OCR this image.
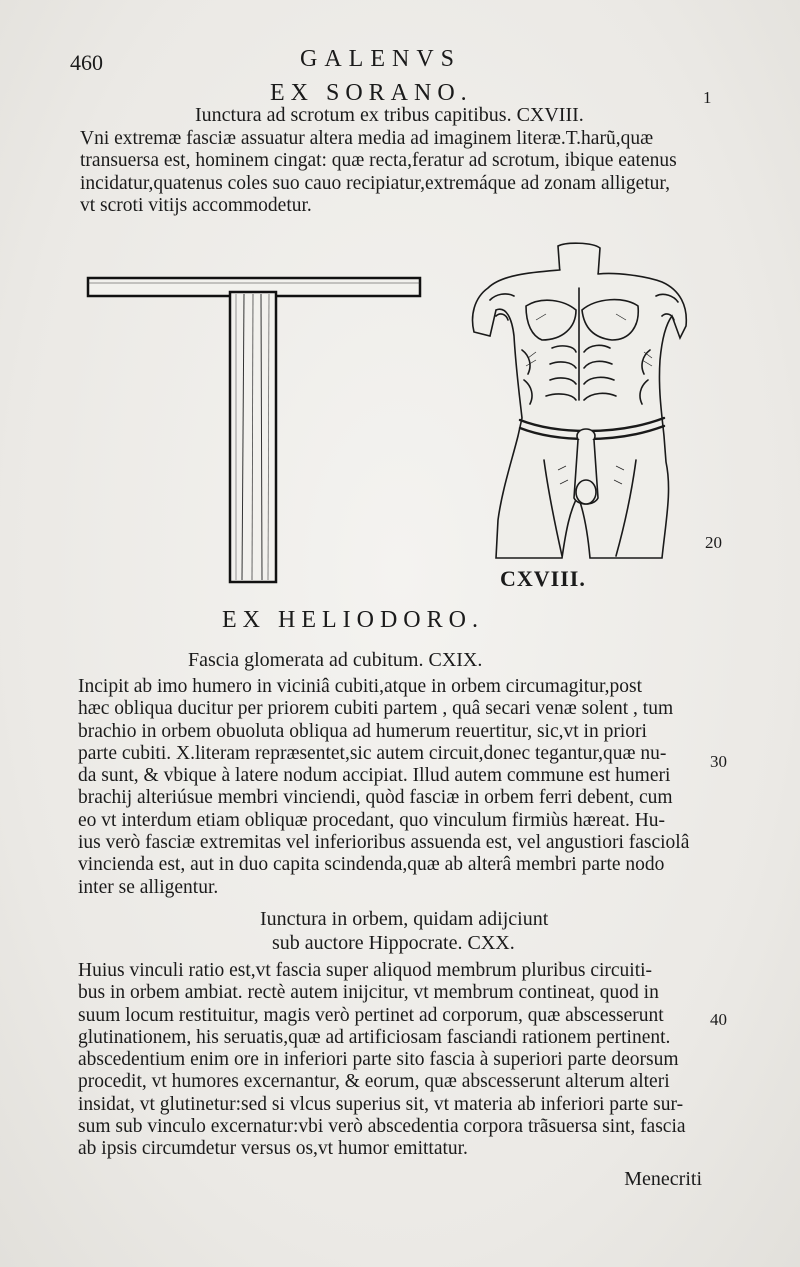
460	GALENVS
1
20
30
40
EX SORANO.
Iunctura ad scrotum ex tribus capitibus. CXVIII.

Vni extremæ fasciæ assuatur altera media ad imaginem literæ.T.harũ,quæ

transuersa est, hominem cingat: quæ recta,feratur ad scrotum, ibique eatenus

incidatur,quatenus coles suo cauo recipiatur,extremáque ad zonam alligetur,

vt scroti vitijs accommodetur.

CXVIII.
EX HELIODORO.
Fascia glomerata ad cubitum. CXIX.

Incipit ab imo humero in viciniâ cubiti,atque in orbem circumagitur,post

hæc obliqua ducitur per priorem cubiti partem , quâ secari venæ solent , tum

brachio in orbem obuoluta obliqua ad humerum reuertitur, sic,vt in priori

parte cubiti. X.literam repræsentet,sic autem circuit,donec tegantur,quæ nu-

da sunt, & vbique à latere nodum accipiat. Illud autem commune est humeri

brachij alteriúsue membri vinciendi, quòd fasciæ in orbem ferri debent, cum

eo vt interdum etiam obliquæ procedant, quo vinculum firmiùs hæreat. Hu-

ius verò fasciæ extremitas vel inferioribus assuenda est, vel angustiori fasciolâ

vincienda est, aut in duo capita scindenda,quæ ab alterâ membri parte nodo

inter se alligentur.

Iunctura in orbem, quidam adijciunt
sub auctore Hippocrate. CXX.

Huius vinculi ratio est,vt fascia super aliquod membrum pluribus circuiti-

bus in orbem ambiat. rectè autem inijcitur, vt membrum contineat, quod in

suum locum restituitur, magis verò pertinet ad corporum, quæ abscesserunt

glutinationem, his seruatis,quæ ad artificiosam fasciandi rationem pertinent.

abscedentium enim ore in inferiori parte sito fascia à superiori parte deorsum

procedit, vt humores excernantur, & eorum, quæ abscesserunt alterum alteri

insidat, vt glutinetur:sed si vlcus superius sit, vt materia ab inferiori parte sur-

sum sub vinculo excernatur:vbi verò abscedentia corpora trãsuersa sint, fascia

ab ipsis circumdetur versus os,vt humor emittatur.

Menecriti
